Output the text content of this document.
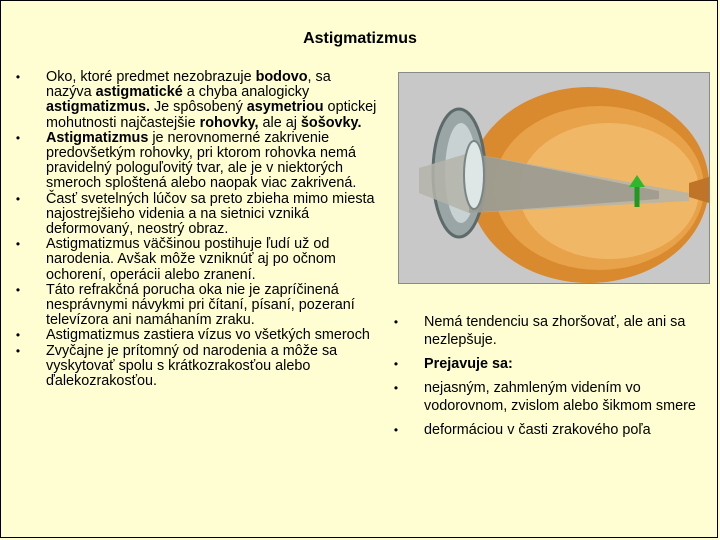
Astigmatizmus
•	Oko, ktoré predmet nezobrazuje bodovo, sa nazýva astigmatické a chyba analogicky astigmatizmus. Je spôsobený asymetriou optickej mohutnosti najčastejšie rohovky, ale aj šošovky.
•	Astigmatizmus je nerovnomerné zakrivenie predovšetkým rohovky, pri ktorom rohovka nemá pravidelný pologuľovitý tvar, ale je v niektorých smeroch sploštená alebo naopak viac zakrivená.
•	Časť svetelných lúčov sa preto zbieha mimo miesta najostrejšieho videnia a na sietnici vzniká deformovaný, neostrý obraz.
•	Astigmatizmus väčšinou postihuje ľudí už od narodenia. Avšak môže vzniknúť aj po očnom ochorení, operácii alebo zranení.
•	Táto refrakčná porucha oka nie je zapríčinená nesprávnymi návykmi pri čítaní, písaní, pozeraní televízora ani namáhaním zraku.
•	Astigmatizmus zastiera vízus vo všetkých smeroch
•	Zvyčajne je prítomný od narodenia a môže sa vyskytovať spolu s krátkozrakosťou alebo ďalekozrakosťou.
•	Nemá tendenciu sa zhoršovať, ale ani sa nezlepšuje.
•	Prejavuje sa:
•	nejasným, zahmleným videním vo vodorovnom, zvislom alebo šikmom smere
•	deformáciou v časti zrakového poľa
